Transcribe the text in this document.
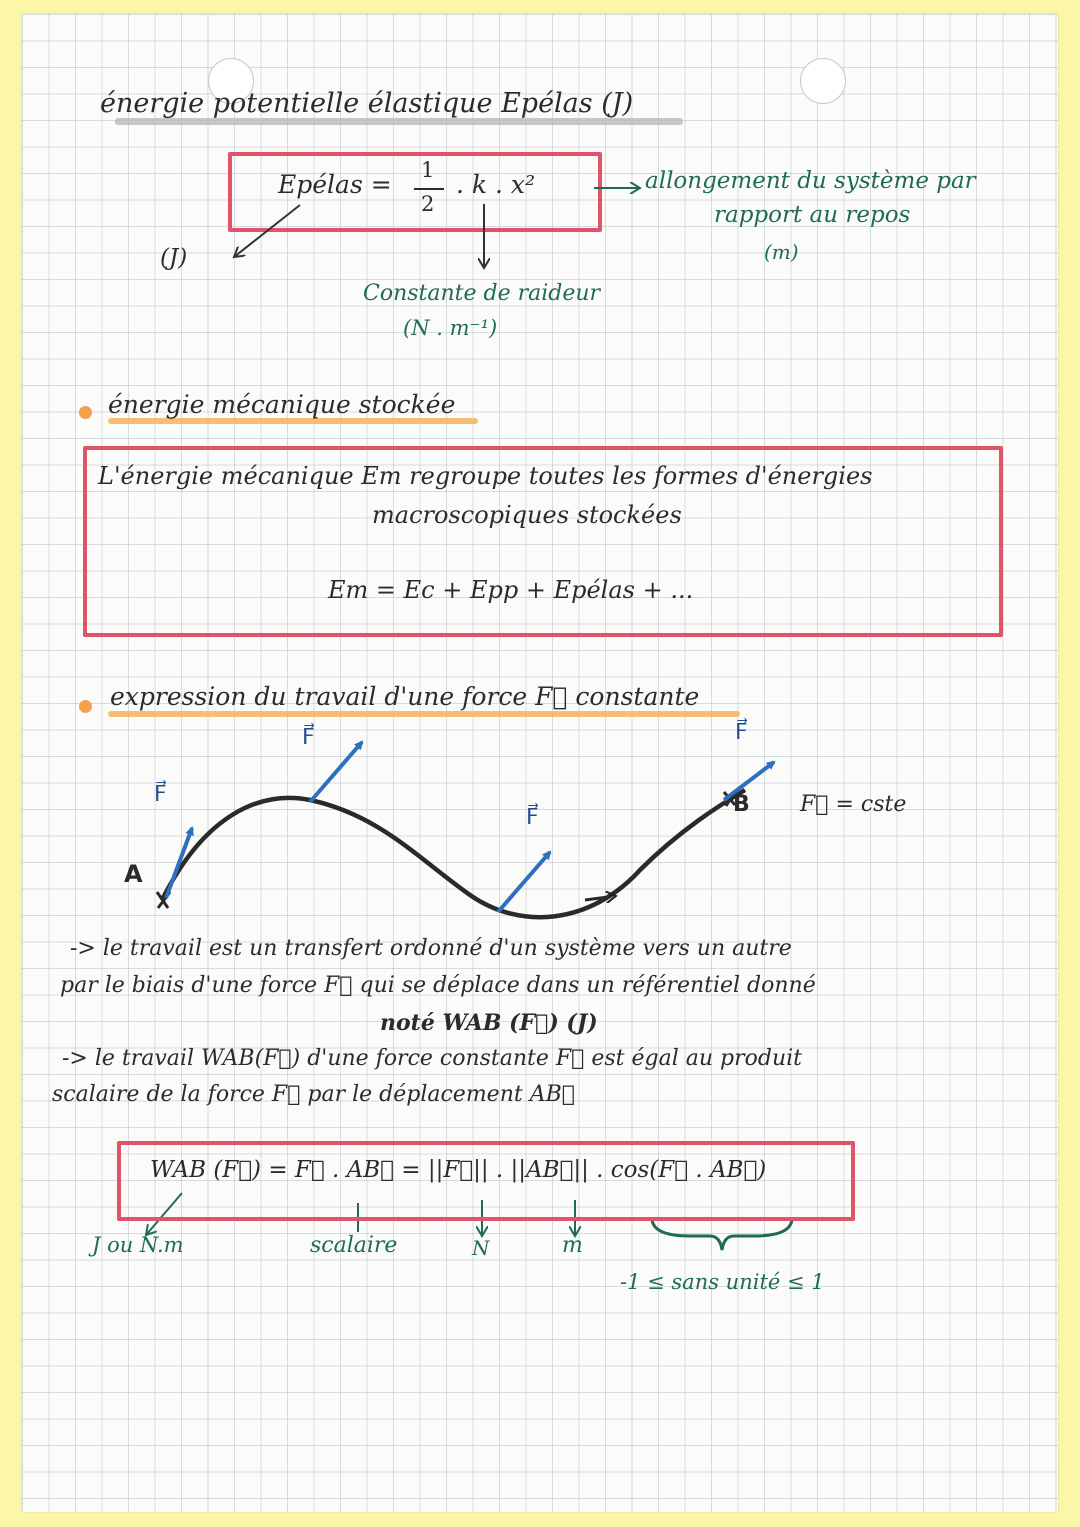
énergie potentielle élastique Epélas (J)
Epélas = 1
2
. k . x²
(J)
allongement du système par
rapport au repos
(m)
Constante de raideur
(N . m⁻¹)
énergie mécanique stockée
L'énergie mécanique Em regroupe toutes les formes d'énergies
macroscopiques stockées
Em = Ec + Epp + Epélas + ...
expression du travail d'une force F⃗ constante
F⃗
F⃗
F⃗
F⃗
A
B F⃗ = cste
-> le travail est un transfert ordonné d'un système vers un autre
par le biais d'une force F⃗ qui se déplace dans un référentiel donné
noté WAB (F⃗) (J)
-> le travail WAB(F⃗) d'une force constante F⃗ est égal au produit
scalaire de la force F⃗ par le déplacement AB⃗
WAB (F⃗) = F⃗ . AB⃗ = ||F⃗|| . ||AB⃗|| . cos(F⃗ . AB⃗)
J ou N.m	scalaire	N	m
-1 ≤ sans unité ≤ 1
